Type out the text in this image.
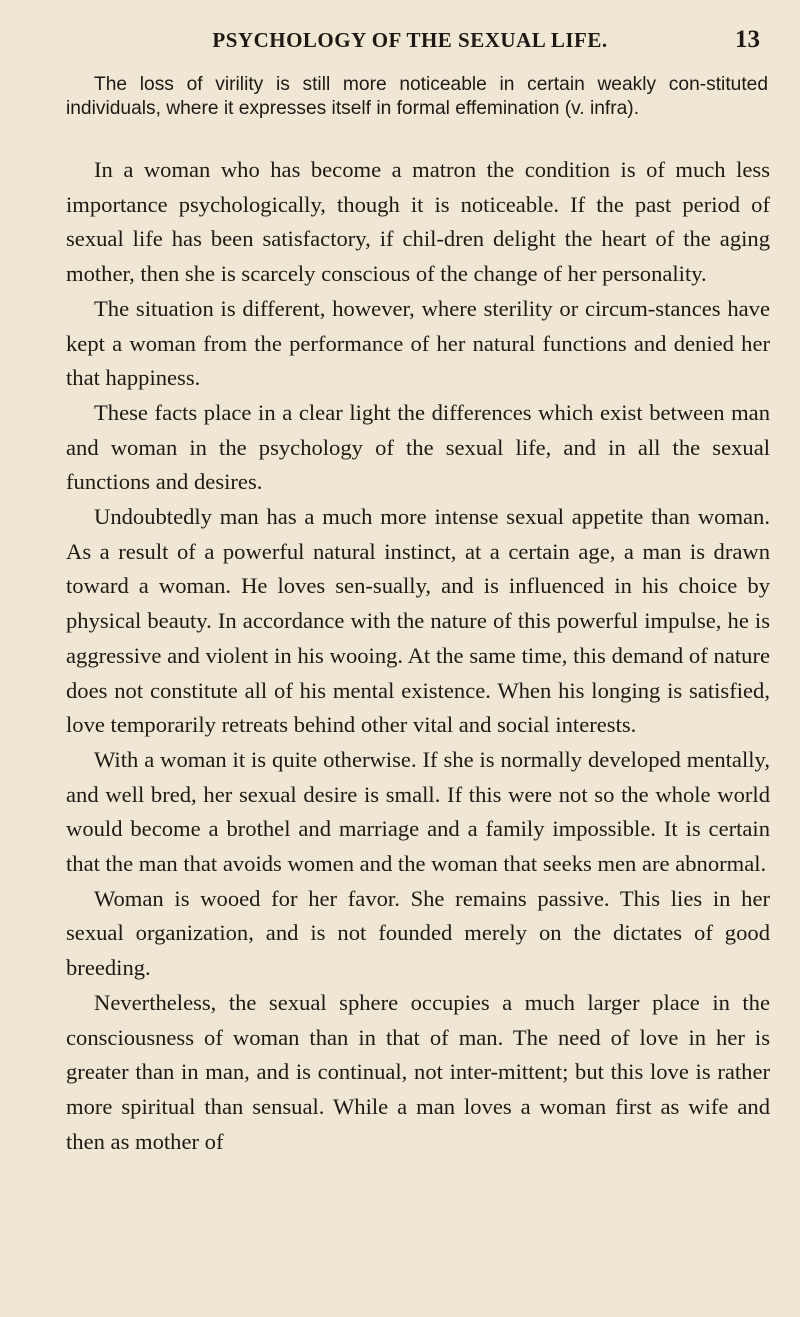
PSYCHOLOGY OF THE SEXUAL LIFE.	13

The loss of virility is still more noticeable in certain weakly con-stituted individuals, where it expresses itself in formal effemination (v. infra).

In a woman who has become a matron the condition is of much less importance psychologically, though it is noticeable. If the past period of sexual life has been satisfactory, if chil-dren delight the heart of the aging mother, then she is scarcely conscious of the change of her personality.

The situation is different, however, where sterility or circum-stances have kept a woman from the performance of her natural functions and denied her that happiness.

These facts place in a clear light the differences which exist between man and woman in the psychology of the sexual life, and in all the sexual functions and desires.

Undoubtedly man has a much more intense sexual appetite than woman. As a result of a powerful natural instinct, at a certain age, a man is drawn toward a woman. He loves sen-sually, and is influenced in his choice by physical beauty. In accordance with the nature of this powerful impulse, he is aggressive and violent in his wooing. At the same time, this demand of nature does not constitute all of his mental existence. When his longing is satisfied, love temporarily retreats behind other vital and social interests.

With a woman it is quite otherwise. If she is normally developed mentally, and well bred, her sexual desire is small. If this were not so the whole world would become a brothel and marriage and a family impossible. It is certain that the man that avoids women and the woman that seeks men are abnormal.

Woman is wooed for her favor. She remains passive. This lies in her sexual organization, and is not founded merely on the dictates of good breeding.

Nevertheless, the sexual sphere occupies a much larger place in the consciousness of woman than in that of man. The need of love in her is greater than in man, and is continual, not inter-mittent; but this love is rather more spiritual than sensual. While a man loves a woman first as wife and then as mother of
